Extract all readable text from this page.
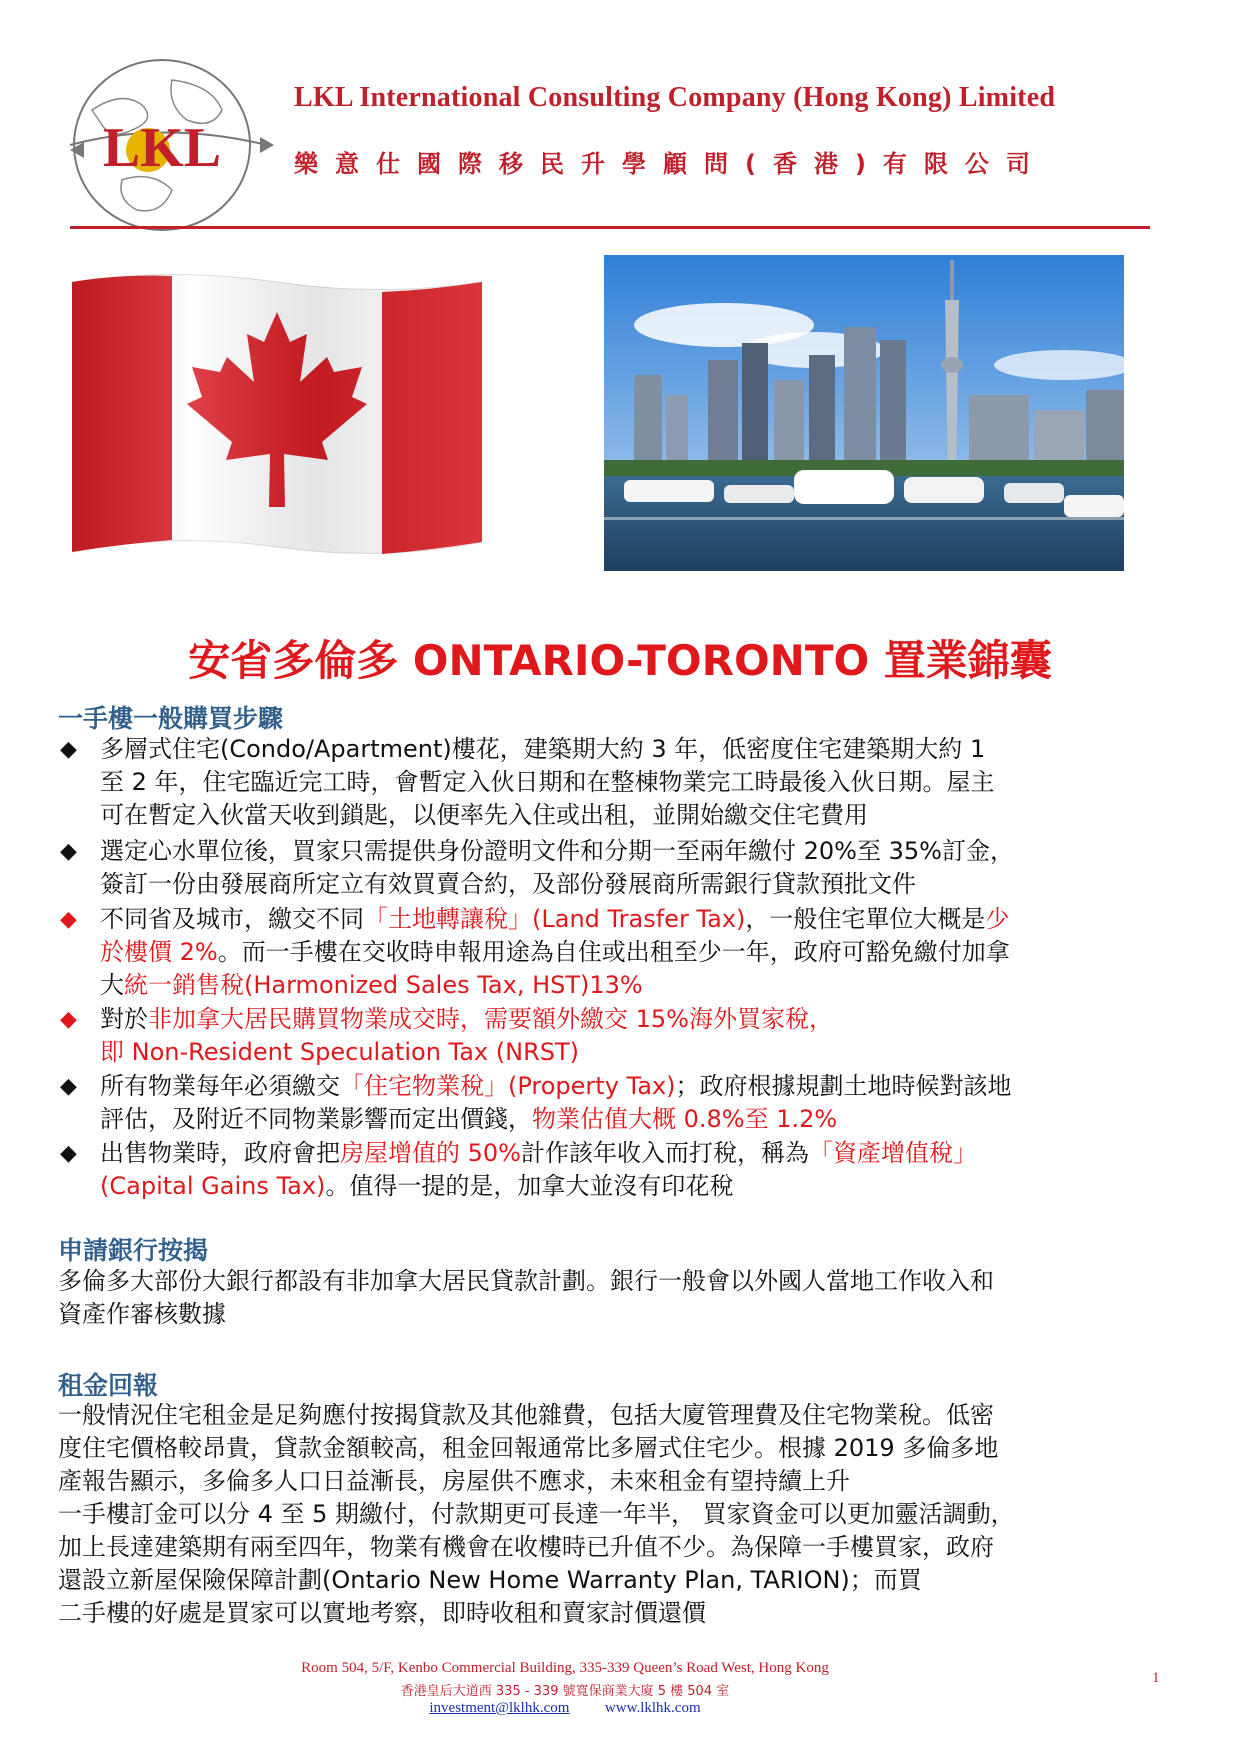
LKL
LKL International Consulting Company (Hong Kong) Limited
樂意仕國際移民升學顧問(香港)有限公司
安省多倫多 ONTARIO-TORONTO 置業錦囊
一手樓一般購買步驟
◆ 多層式住宅(Condo/Apartment)樓花，建築期大約 3 年，低密度住宅建築期大約 1
至 2 年，住宅臨近完工時，會暫定入伙日期和在整棟物業完工時最後入伙日期。屋主
可在暫定入伙當天收到鎖匙，以便率先入住或出租，並開始繳交住宅費用
◆ 選定心水單位後，買家只需提供身份證明文件和分期一至兩年繳付 20%至 35%訂金，
簽訂一份由發展商所定立有效買賣合約，及部份發展商所需銀行貸款預批文件
◆ 不同省及城市，繳交不同「土地轉讓稅」(Land Trasfer Tax)，一般住宅單位大概是少
於樓價 2%。而一手樓在交收時申報用途為自住或出租至少一年，政府可豁免繳付加拿
大統一銷售稅(Harmonized Sales Tax, HST)13%
◆ 對於非加拿大居民購買物業成交時，需要額外繳交 15%海外買家稅，
即 Non-Resident Speculation Tax (NRST)
◆ 所有物業每年必須繳交「住宅物業稅」(Property Tax)；政府根據規劃土地時候對該地
評估，及附近不同物業影響而定出價錢，物業估值大概 0.8%至 1.2%
◆ 出售物業時，政府會把房屋增值的 50%計作該年收入而打稅，稱為「資產增值稅」
(Capital Gains Tax)。值得一提的是，加拿大並沒有印花稅
申請銀行按揭
多倫多大部份大銀行都設有非加拿大居民貸款計劃。銀行一般會以外國人當地工作收入和
資產作審核數據
租金回報
一般情況住宅租金是足夠應付按揭貸款及其他雜費，包括大廈管理費及住宅物業稅。低密
度住宅價格較昂貴，貸款金額較高，租金回報通常比多層式住宅少。根據 2019 多倫多地
產報告顯示，多倫多人口日益漸長，房屋供不應求，未來租金有望持續上升
一手樓訂金可以分 4 至 5 期繳付，付款期更可長達一年半， 買家資金可以更加靈活調動，
加上長達建築期有兩至四年，物業有機會在收樓時已升值不少。為保障一手樓買家，政府
還設立新屋保險保障計劃(Ontario New Home Warranty Plan, TARION)；而買
二手樓的好處是買家可以實地考察，即時收租和賣家討價還價
Room 504, 5/F, Kenbo Commercial Building, 335-339 Queen’s Road West, Hong Kong
香港皇后大道西 335 - 339 號寬保商業大廈 5 樓 504 室
investment@lklhk.com www.lklhk.com
1
